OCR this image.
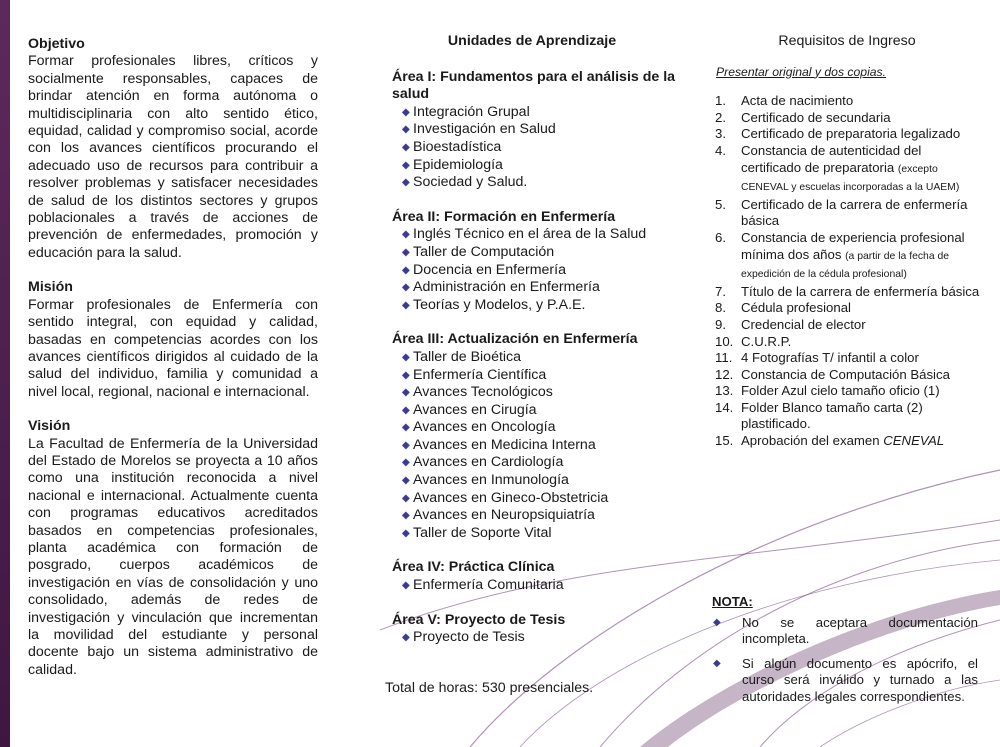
Objetivo

Formar profesionales libres, críticos y socialmente responsables, capaces de brindar atención en forma autónoma o multidisciplinaria con alto sentido ético, equidad, calidad y compromiso social, acorde con los avances científicos procurando el adecuado uso de recursos para contribuir a resolver problemas y satisfacer necesidades de salud de los distintos sectores y grupos poblacionales a través de acciones de prevención de enfermedades, promoción y educación para la salud.

Misión

Formar profesionales de Enfermería con sentido integral, con equidad y calidad, basadas en competencias acordes con los avances científicos dirigidos al cuidado de la salud del individuo, familia y comunidad a nivel local, regional, nacional e internacional.

Visión

La Facultad de Enfermería de la Universidad del Estado de Morelos se proyecta a 10 años como una institución reconocida a nivel nacional e internacional. Actualmente cuenta con programas educativos acreditados basados en competencias profesionales, planta académica con formación de posgrado, cuerpos académicos de investigación en vías de consolidación y uno consolidado, además de redes de investigación y vinculación que incrementan la movilidad del estudiante y personal docente bajo un sistema administrativo de calidad.

Unidades de Aprendizaje
Área I: Fundamentos para el análisis de la salud
◆ Integración Grupal
◆ Investigación en Salud
◆ Bioestadística
◆ Epidemiología
◆ Sociedad y Salud.
Área II: Formación en Enfermería
◆ Inglés Técnico en el área de la Salud
◆ Taller de Computación
◆ Docencia en Enfermería
◆ Administración en Enfermería
◆ Teorías y Modelos, y P.A.E.
Área III: Actualización en Enfermería
◆ Taller de Bioética
◆ Enfermería Científica
◆ Avances Tecnológicos
◆ Avances en Cirugía
◆ Avances en Oncología
◆ Avances en Medicina Interna
◆ Avances en Cardiología
◆ Avances en Inmunología
◆ Avances en Gineco-Obstetricia
◆ Avances en Neuropsiquiatría
◆ Taller de Soporte Vital
Área IV: Práctica Clínica
◆ Enfermería Comunitaria
Área V: Proyecto de Tesis
◆ Proyecto de Tesis
Total de horas: 530 presenciales.
Requisitos de Ingreso
Presentar original y dos copias.
1. Acta de nacimiento
2. Certificado de secundaria
3. Certificado de preparatoria legalizado
4. Constancia de autenticidad del certificado de preparatoria (excepto CENEVAL y escuelas incorporadas a la UAEM)
5. Certificado de la carrera de enfermería básica
6. Constancia de experiencia profesional mínima dos años (a partir de la fecha de expedición de la cédula profesional)
7. Título de la carrera de enfermería básica
8. Cédula profesional
9. Credencial de elector
10. C.U.R.P.
11. 4 Fotografías T/ infantil a color
12. Constancia de Computación Básica
13. Folder Azul cielo tamaño oficio (1)
14. Folder Blanco tamaño carta (2) plastificado.
15. Aprobación del examen CENEVAL
NOTA:
◆ No se aceptara documentación incompleta.
◆ Si algún documento es apócrifo, el curso será inválido y turnado a las autoridades legales correspondientes.
